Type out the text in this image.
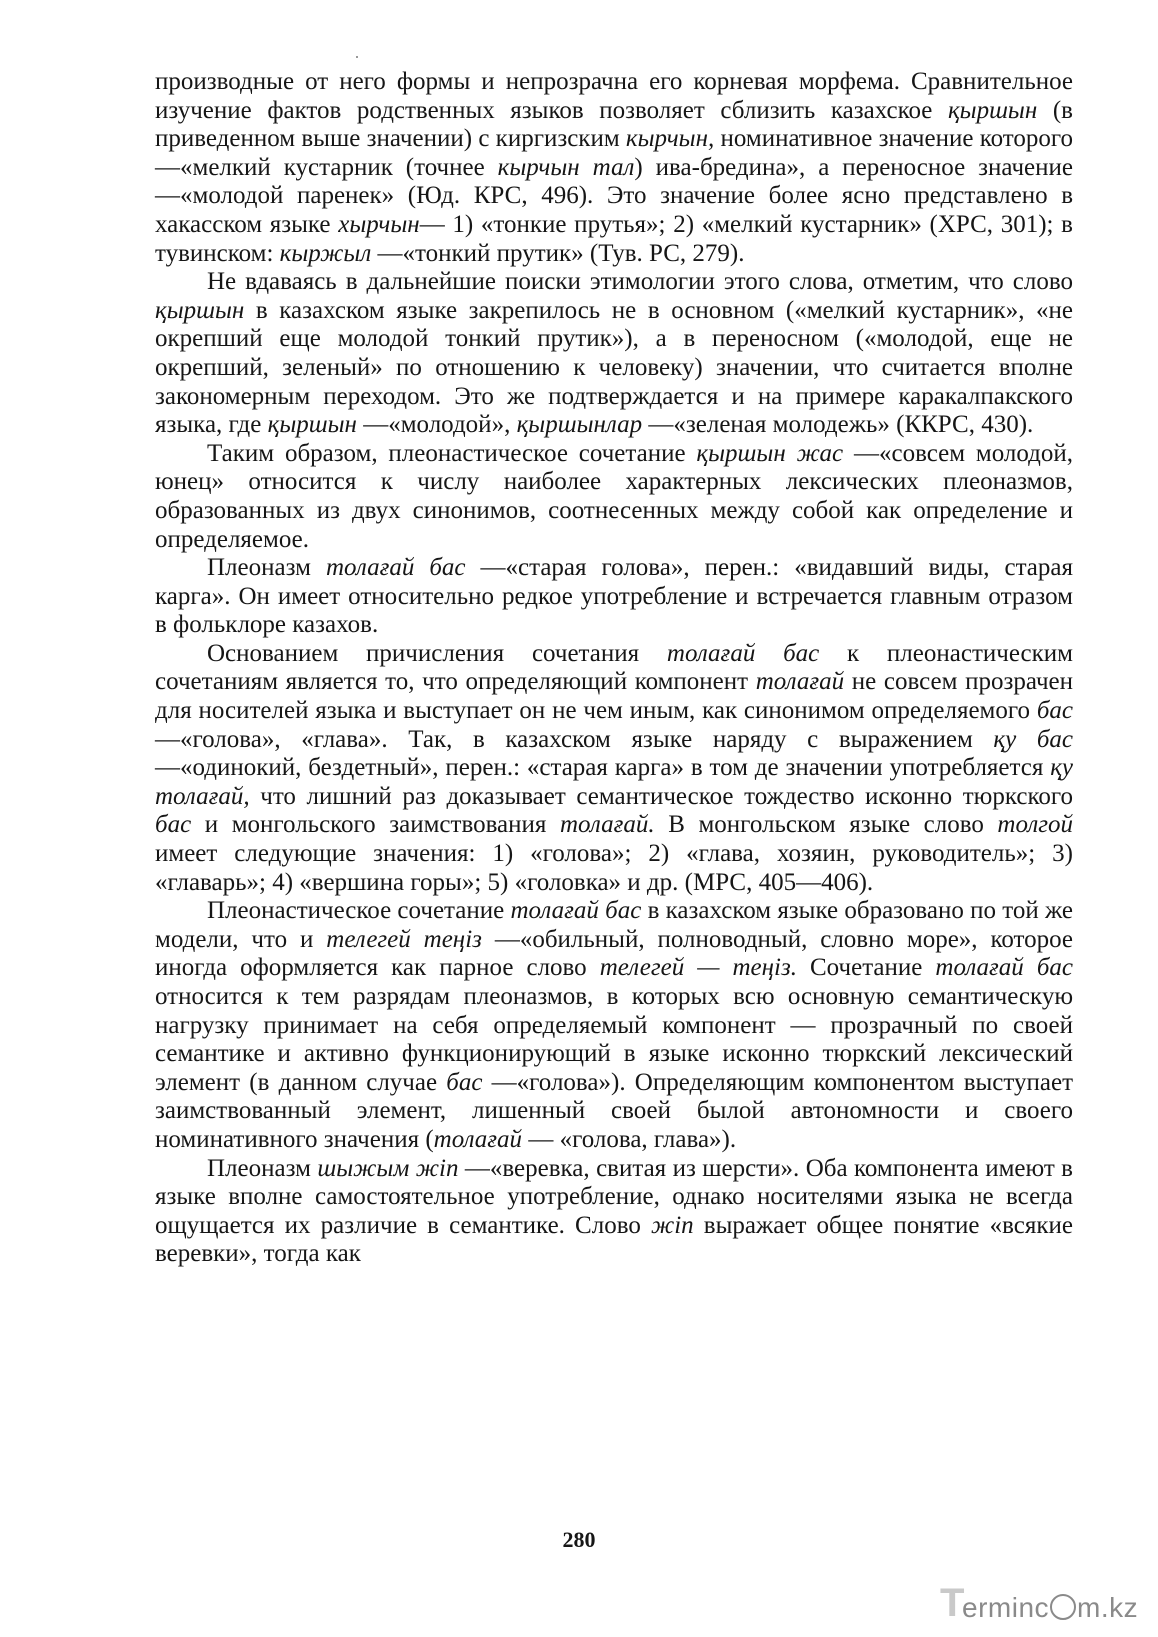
производные от него формы и непрозрачна его корневая морфема. Сравнительное изучение фактов родственных языков позволяет сблизить казахское қыршын (в приведенном выше значении) с киргизским кырчын, номинативное значение которого —«мелкий кустарник (точнее кырчын тал) ива-бредина», а переносное значение —«молодой паренек» (Юд. КРС, 496). Это значение более ясно представлено в хакасском языке хырчын— 1) «тонкие прутья»; 2) «мелкий кустарник» (ХРС, 301); в тувинском: кыржыл —«тонкий прутик» (Тув. РС, 279).

Не вдаваясь в дальнейшие поиски этимологии этого слова, отметим, что слово қыршын в казахском языке закрепилось не в основном («мелкий кустарник», «не окрепший еще молодой тонкий прутик»), а в переносном («молодой, еще не окрепший, зеленый» по отношению к человеку) значении, что считается вполне закономерным переходом. Это же подтверждается и на примере каракалпакского языка, где қыршын —«молодой», қыршынлар —«зеленая молодежь» (ККРС, 430).

Таким образом, плеонастическое сочетание қыршын жас —«совсем молодой, юнец» относится к числу наиболее характерных лексических плеоназмов, образованных из двух синонимов, соотнесенных между собой как определение и определяемое.

Плеоназм толағай бас —«старая голова», перен.: «видавший виды, старая карга». Он имеет относительно редкое употребление и встречается главным отразом в фольклоре казахов.

Основанием причисления сочетания толағай бас к плеонастическим сочетаниям является то, что определяющий компонент толағай не совсем прозрачен для носителей языка и выступает он не чем иным, как синонимом определяемого бас —«голова», «глава». Так, в казахском языке наряду с выражением қу бас —«одинокий, бездетный», перен.: «старая карга» в том де значении употребляется қу толағай, что лишний раз доказывает семантическое тождество исконно тюркского бас и монгольского заимствования толағай. В монгольском языке слово толгой имеет следующие значения: 1) «голова»; 2) «глава, хозяин, руководитель»; 3) «главарь»; 4) «вершина горы»; 5) «головка» и др. (МРС, 405—406).

Плеонастическое сочетание толағай бас в казахском языке образовано по той же модели, что и телегей теңіз —«обильный, полноводный, словно море», которое иногда оформляется как парное слово телегей — теңіз. Сочетание толағай бас относится к тем разрядам плеоназмов, в которых всю основную семантическую нагрузку принимает на себя определяемый компонент — прозрачный по своей семантике и активно функционирующий в языке исконно тюркский лексический элемент (в данном случае бас —«голова»). Определяющим компонентом выступает заимствованный элемент, лишенный своей былой автономности и своего номинативного значения (толағай — «голова, глава»).

Плеоназм шыжым жіп —«веревка, свитая из шерсти». Оба компонента имеют в языке вполне самостоятельное употребление, однако носителями языка не всегда ощущается их различие в семантике. Слово жіп выражает общее понятие «всякие веревки», тогда как

280
T
erminc m.kz
